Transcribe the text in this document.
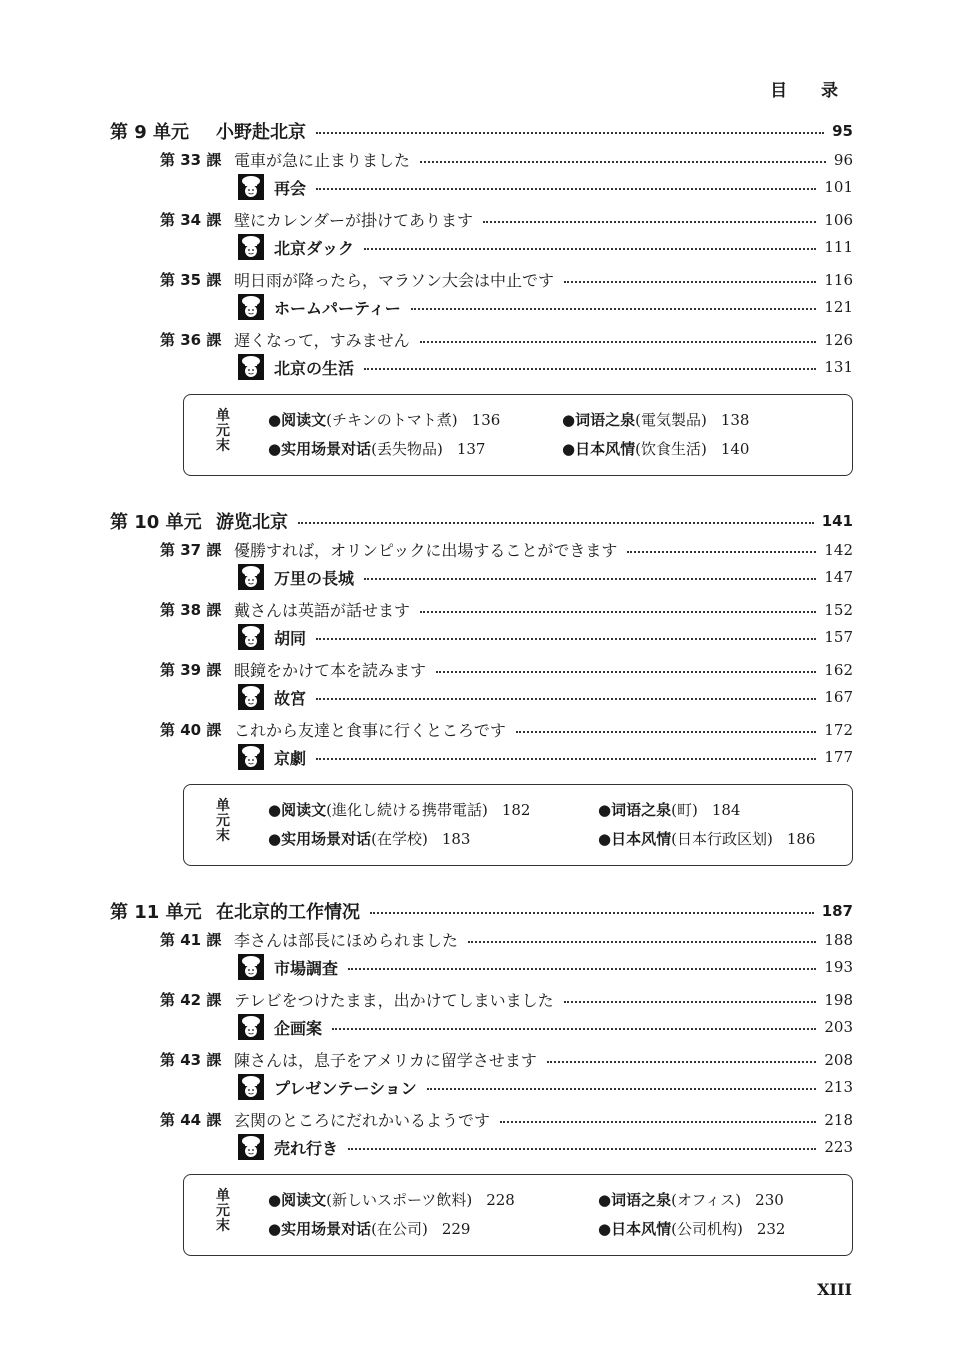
目 录
第 9 单元	小野赴北京	95
第 33 課 電車が急に止まりました	96
再会	101
第 34 課 壁にカレンダーが掛けてあります	106
北京ダック	111
第 35 課 明日雨が降ったら，マラソン大会は中止です	116
ホームパーティー	121
第 36 課 遅くなって，すみません	126
北京の生活	131
单
元
末
●阅读文(チキンのトマト煮) 136	●词语之泉(電気製品) 138
●实用场景对话(丢失物品) 137	●日本风情(饮食生活) 140
第 10 单元 游览北京	141
第 37 課 優勝すれば，オリンピックに出場することができます	142
万里の長城	147
第 38 課 戴さんは英語が話せます	152
胡同	157
第 39 課 眼鏡をかけて本を読みます	162
故宮	167
第 40 課 これから友達と食事に行くところです	172
京劇	177
单
元
末
●阅读文(進化し続ける携帯電話) 182	●词语之泉(町) 184
●实用场景对话(在学校) 183	●日本风情(日本行政区划) 186
第 11 单元 在北京的工作情况	187
第 41 課 李さんは部長にほめられました	188
市場調査	193
第 42 課 テレビをつけたまま，出かけてしまいました	198
企画案	203
第 43 課 陳さんは，息子をアメリカに留学させます	208
プレゼンテーション	213
第 44 課 玄関のところにだれかいるようです	218
売れ行き	223
单
元
末
●阅读文(新しいスポーツ飲料) 228	●词语之泉(オフィス) 230
●实用场景对话(在公司) 229	●日本风情(公司机构) 232
XIII
